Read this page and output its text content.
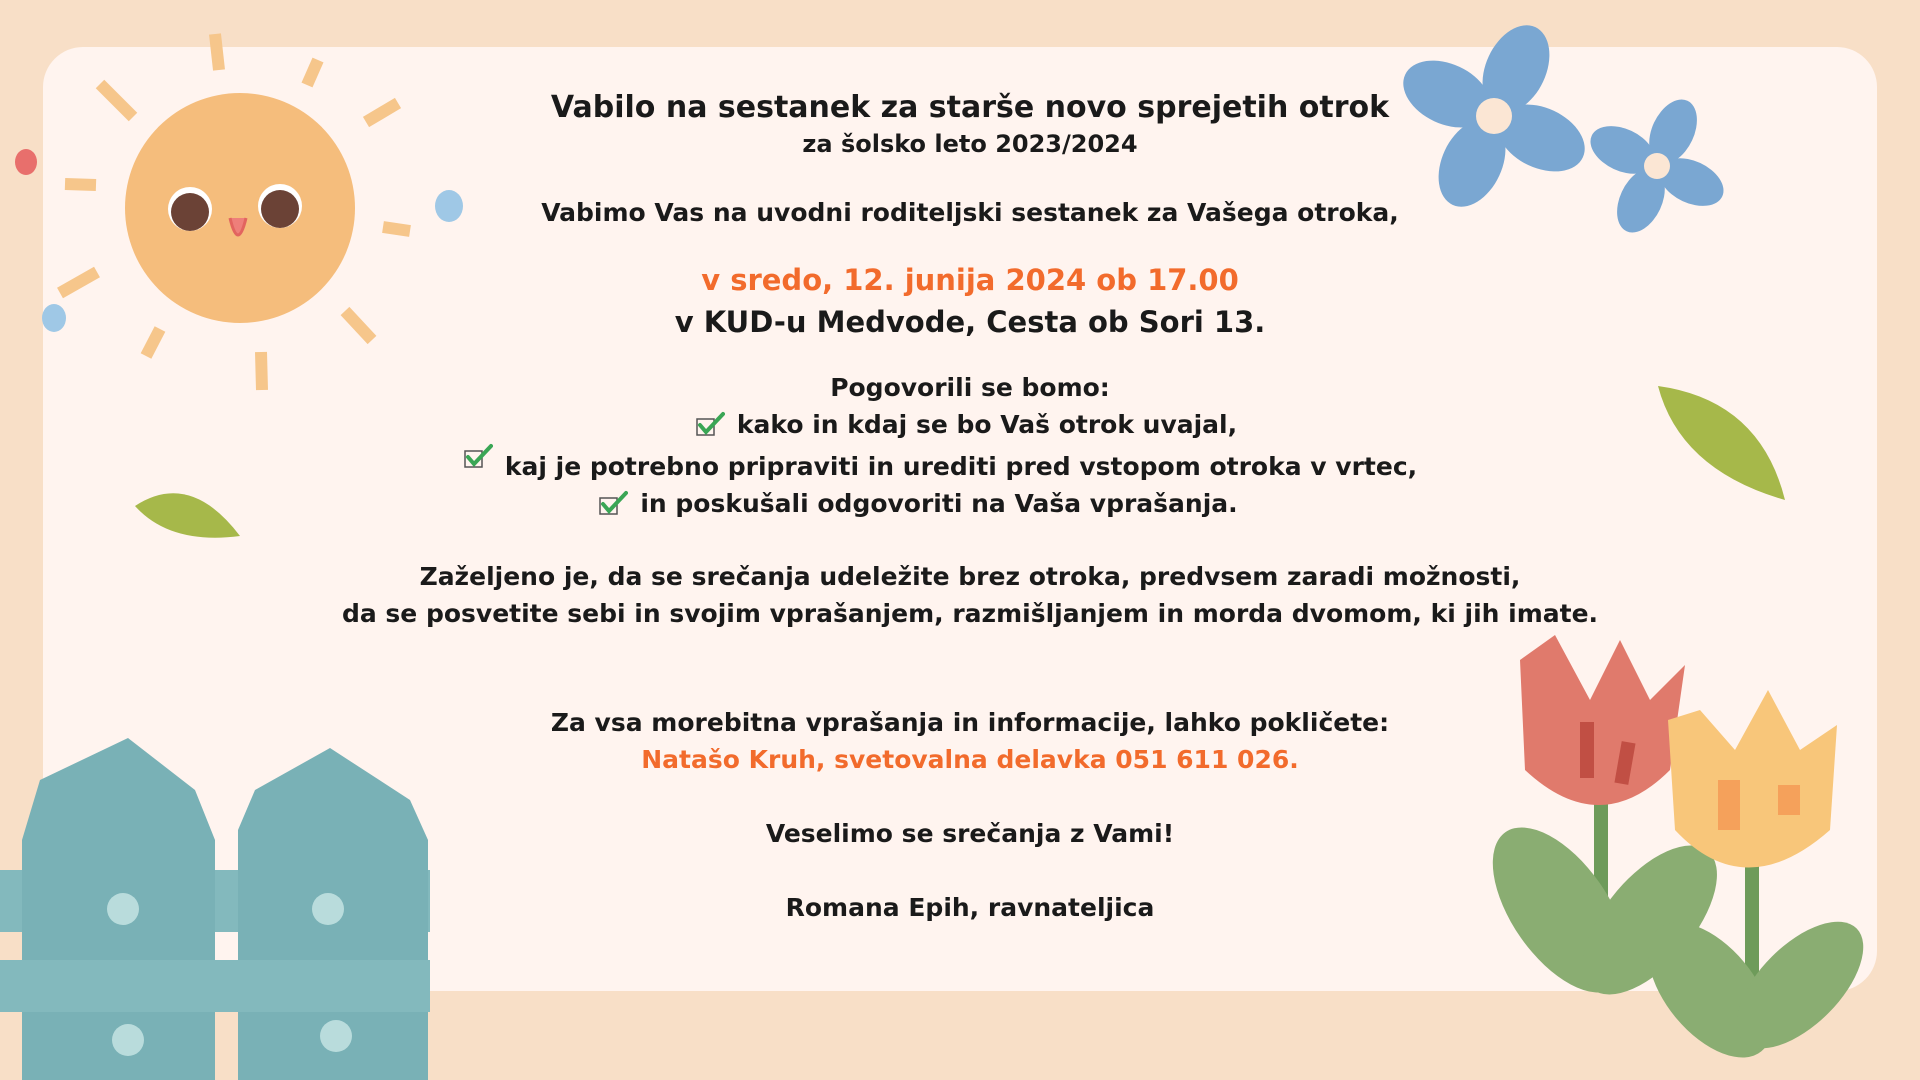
Vabilo na sestanek za starše novo sprejetih otrok
za šolsko leto 2023/2024
Vabimo Vas na uvodni roditeljski sestanek za Vašega otroka,
v sredo, 12. junija 2024 ob 17.00
v KUD-u Medvode, Cesta ob Sori 13.
Pogovorili se bomo:
kako in kdaj se bo Vaš otrok uvajal,
kaj je potrebno pripraviti in urediti pred vstopom otroka v vrtec,
in poskušali odgovoriti na Vaša vprašanja.
Zaželjeno je, da se srečanja udeležite brez otroka, predvsem zaradi možnosti,
da se posvetite sebi in svojim vprašanjem, razmišljanjem in morda dvomom, ki jih imate.
Za vsa morebitna vprašanja in informacije, lahko pokličete:
Natašo Kruh, svetovalna delavka 051 611 026.
Veselimo se srečanja z Vami!
Romana Epih, ravnateljica
